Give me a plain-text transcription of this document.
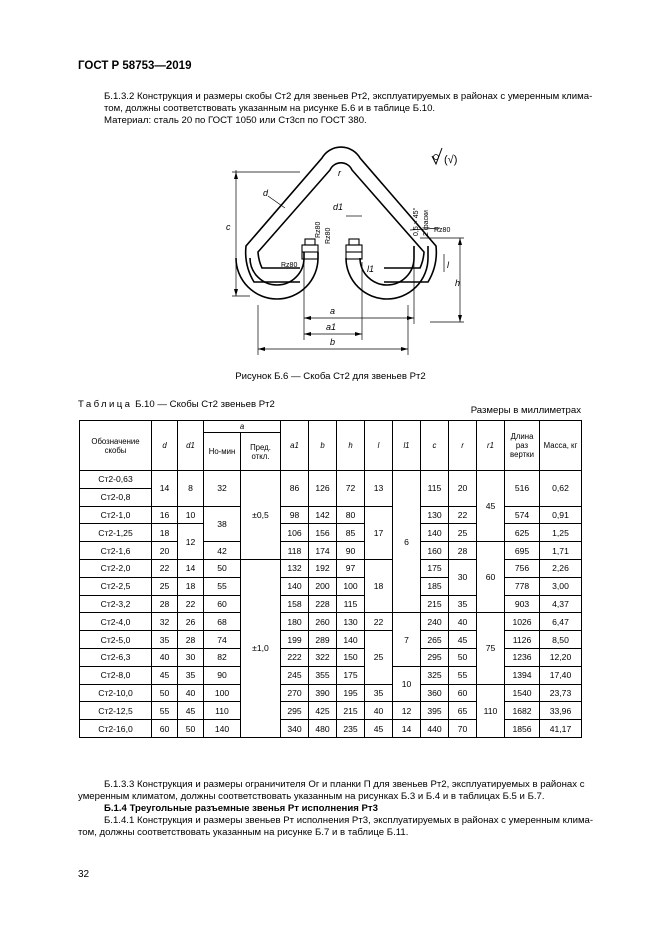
ГОСТ Р 58753—2019
Б.1.3.2 Конструкция и размеры скобы Ст2 для звеньев Рт2, эксплуатируемых в районах с умеренным клима-
том, должны соответствовать указанным на рисунке Б.6 и в таблице Б.10.
Материал: сталь 20 по ГОСТ 1050 или Ст3сп по ГОСТ 380.
c
d
r
d1
l
l1
h
a
a1
b
Rz80
Rz80
Rz80 Rz80	0,5 × 45° 2 фаски
(√)
Рисунок Б.6 — Скоба Ст2 для звеньев Рт2
Таблица Б.10 — Скобы Ст2 звеньев Рт2
Размеры в миллиметрах
Обозначение скобы	d	d1	a		a1	b	h	l	l1	c	r	r1	Длина раз вертки	Масса, кг
			Но-мин	Пред. откл.										
Ст2-0,63	14	8	32	±0,5	86	126	72	13	6	115	20	45	516	0,62
Ст2-0,8														
Ст2-1,0	16	10	38		98	142	80	17		130	22		574	0,91
Ст2-1,25	18	12			106	156	85			140	25		625	1,25
Ст2-1,6	20		42		118	174	90			160	28	60	695	1,71
Ст2-2,0	22	14	50	±1,0	132	192	97	18		175	30		756	2,26
Ст2-2,5	25	18	55		140	200	100			185			778	3,00
Ст2-3,2	28	22	60		158	228	115			215	35		903	4,37
Ст2-4,0	32	26	68		180	260	130	22	7	240	40	75	1026	6,47
Ст2-5,0	35	28	74		199	289	140	25		265	45		1126	8,50
Ст2-6,3	40	30	82		222	322	150			295	50		1236	12,20
Ст2-8,0	45	35	90		245	355	175		10	325	55		1394	17,40
Ст2-10,0	50	40	100		270	390	195	35		360	60	110	1540	23,73
Ст2-12,5	55	45	110		295	425	215	40	12	395	65		1682	33,96
Ст2-16,0	60	50	140		340	480	235	45	14	440	70		1856	41,17
Б.1.3.3 Конструкция и размеры ограничителя Ог и планки П для звеньев Рт2, эксплуатируемых в районах с
умеренным климатом, должны соответствовать указанным на рисунках Б.3 и Б.4 и в таблицах Б.5 и Б.7.
Б.1.4 Треугольные разъемные звенья Рт исполнения Рт3
Б.1.4.1 Конструкция и размеры звеньев Рт исполнения Рт3, эксплуатируемых в районах с умеренным клима-
том, должны соответствовать указанным на рисунке Б.7 и в таблице Б.11.
32
